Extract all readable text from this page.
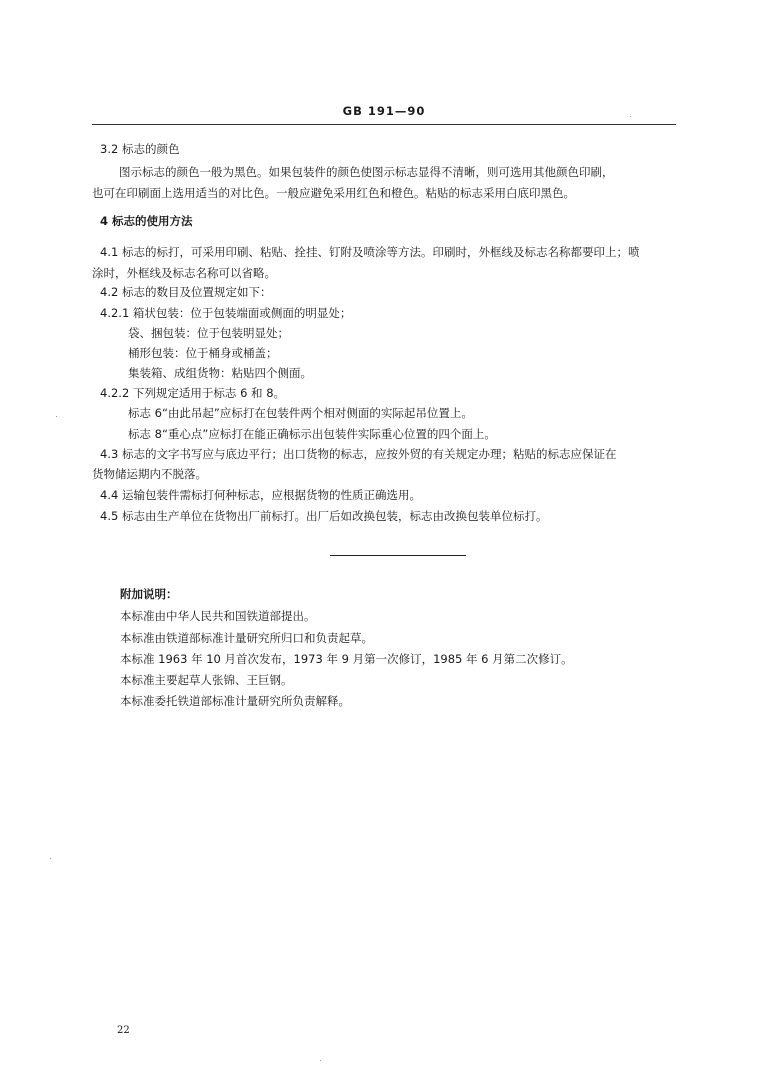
GB 191—90
3.2 标志的颜色
图示标志的颜色一般为黑色。如果包装件的颜色使图示标志显得不清晰，则可选用其他颜色印刷，
也可在印刷面上选用适当的对比色。一般应避免采用红色和橙色。粘贴的标志采用白底印黑色。
4 标志的使用方法
4.1 标志的标打，可采用印刷、粘贴、拴挂、钉附及喷涂等方法。印刷时，外框线及标志名称都要印上；喷
涂时，外框线及标志名称可以省略。
4.2 标志的数目及位置规定如下：
4.2.1 箱状包装：位于包装端面或侧面的明显处；
袋、捆包装：位于包装明显处；
桶形包装：位于桶身或桶盖；
集装箱、成组货物：粘贴四个侧面。
4.2.2 下列规定适用于标志 6 和 8。
标志 6“由此吊起”应标打在包装件两个相对侧面的实际起吊位置上。
标志 8“重心点”应标打在能正确标示出包装件实际重心位置的四个面上。
4.3 标志的文字书写应与底边平行；出口货物的标志，应按外贸的有关规定办理；粘贴的标志应保证在
货物储运期内不脱落。
4.4 运输包装件需标打何种标志，应根据货物的性质正确选用。
4.5 标志由生产单位在货物出厂前标打。出厂后如改换包装，标志由改换包装单位标打。
附加说明：
本标准由中华人民共和国铁道部提出。
本标准由铁道部标准计量研究所归口和负责起草。
本标准 1963 年 10 月首次发布，1973 年 9 月第一次修订，1985 年 6 月第二次修订。
本标准主要起草人张锦、王巨钢。
本标准委托铁道部标准计量研究所负责解释。
22
